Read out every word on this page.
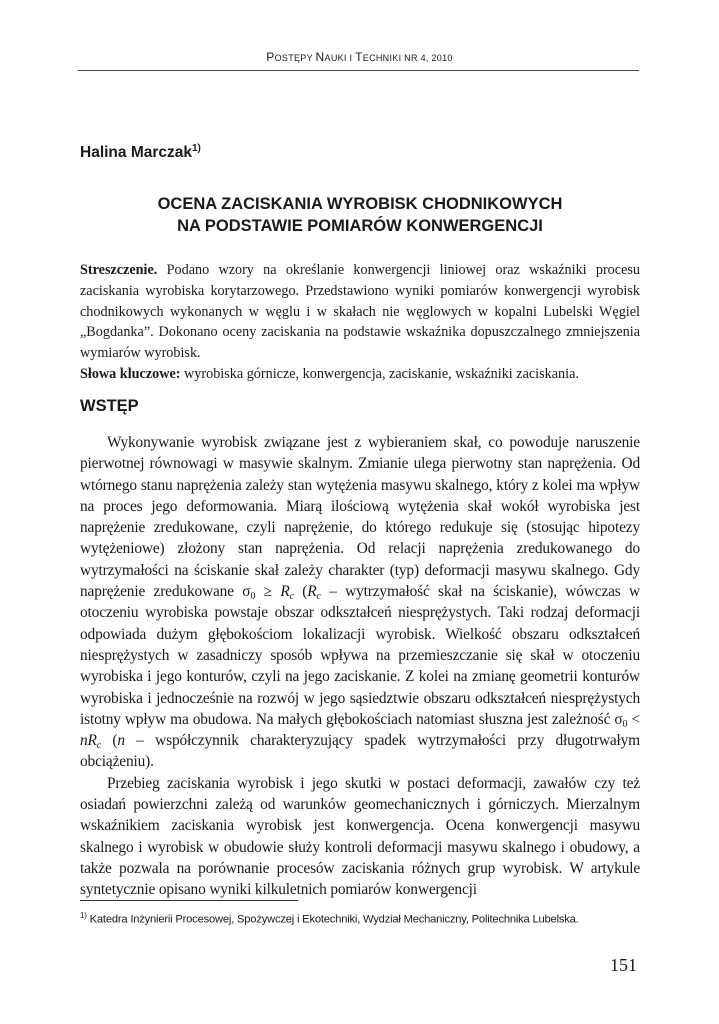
POSTĘPY NAUKI I TECHNIKI NR 4, 2010
Halina Marczak$^{1)}$
OCENA ZACISKANIA WYROBISK CHODNIKOWYCH
NA PODSTAWIE POMIARÓW KONWERGENCJI

Streszczenie. Podano wzory na określanie konwergencji liniowej oraz wskaźniki procesu zaciskania wyrobiska korytarzowego. Przedstawiono wyniki pomiarów konwergencji wyrobisk chodnikowych wykonanych w węglu i w skałach nie węglowych w kopalni Lubelski Węgiel „Bogdanka”. Dokonano oceny zaciskania na podstawie wskaźnika dopuszczalnego zmniejszenia wymiarów wyrobisk.

Słowa kluczowe: wyrobiska górnicze, konwergencja, zaciskanie, wskaźniki zaciskania.

WSTĘP

Wykonywanie wyrobisk związane jest z wybieraniem skał, co powoduje naruszenie pierwotnej równowagi w masywie skalnym. Zmianie ulega pierwotny stan naprężenia. Od wtórnego stanu naprężenia zależy stan wytężenia masywu skalnego, który z kolei ma wpływ na proces jego deformowania. Miarą ilościową wytężenia skał wokół wyrobiska jest naprężenie zredukowane, czyli naprężenie, do którego redukuje się (stosując hipotezy wytężeniowe) złożony stan naprężenia. Od relacji naprężenia zredukowanego do wytrzymałości na ściskanie skał zależy charakter (typ) deformacji masywu skalnego. Gdy naprężenie zredukowane $\sigma_0 \ge R_c$ ($R_c$ – wytrzymałość skał na ściskanie), wówczas w otoczeniu wyrobiska powstaje obszar odkształceń niesprężystych. Taki rodzaj deformacji odpowiada dużym głębokościom lokalizacji wyrobisk. Wielkość obszaru odkształceń niesprężystych w zasadniczy sposób wpływa na przemieszczanie się skał w otoczeniu wyrobiska i jego konturów, czyli na jego zaciskanie. Z kolei na zmianę geometrii konturów wyrobiska i jednocześnie na rozwój w jego sąsiedztwie obszaru odkształceń niesprężystych istotny wpływ ma obudowa. Na małych głębokościach natomiast słuszna jest zależność $\sigma_0 < nR_c$ (n – współczynnik charakteryzujący spadek wytrzymałości przy długotrwałym obciążeniu).

Przebieg zaciskania wyrobisk i jego skutki w postaci deformacji, zawałów czy też osiadań powierzchni zależą od warunków geomechanicznych i górniczych. Mierzalnym wskaźnikiem zaciskania wyrobisk jest konwergencja. Ocena konwergencji masywu skalnego i wyrobisk w obudowie służy kontroli deformacji masywu skalnego i obudowy, a także pozwala na porównanie procesów zaciskania różnych grup wyrobisk. W artykule syntetycznie opisano wyniki kilkuletnich pomiarów konwergencji

$^{1)}$ Katedra Inżynierii Procesowej, Spożywczej i Ekotechniki, Wydział Mechaniczny, Politechnika Lubelska.
151
